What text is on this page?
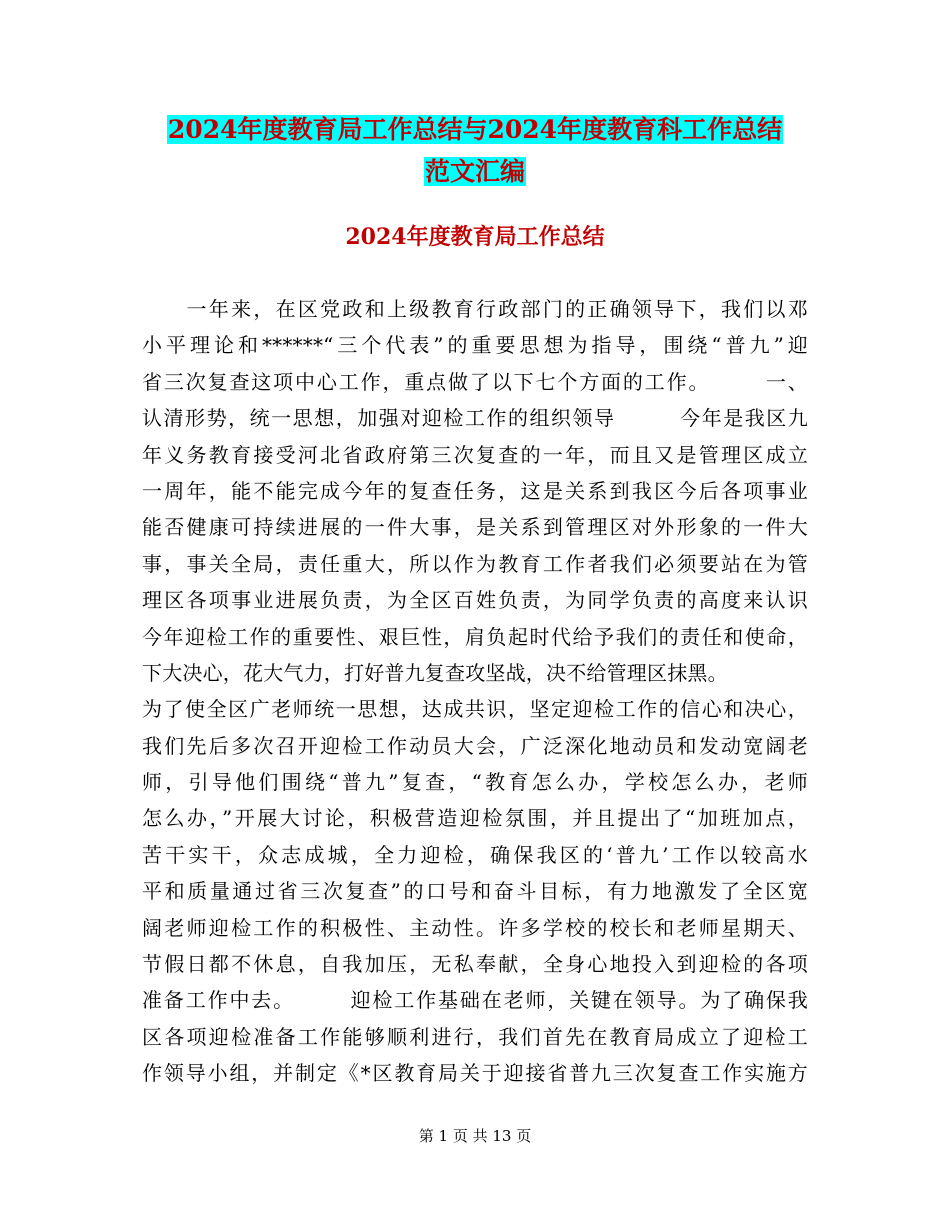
2024年度教育局工作总结与2024年度教育科工作总结
范文汇编
2024年度教育局工作总结
　　一年来，在区党政和上级教育行政部门的正确领导下，我们以邓
小平理论和******“三个代表”的重要思想为指导，围绕“普九”迎
省三次复查这项中心工作，重点做了以下七个方面的工作。　　　一、
认清形势，统一思想，加强对迎检工作的组织领导　　　今年是我区九
年义务教育接受河北省政府第三次复查的一年，而且又是管理区成立
一周年，能不能完成今年的复查任务，这是关系到我区今后各项事业
能否健康可持续进展的一件大事，是关系到管理区对外形象的一件大
事，事关全局，责任重大，所以作为教育工作者我们必须要站在为管
理区各项事业进展负责，为全区百姓负责，为同学负责的高度来认识
今年迎检工作的重要性、艰巨性，肩负起时代给予我们的责任和使命，
下大决心，花大气力，打好普九复查攻坚战，决不给管理区抹黑。
为了使全区广老师统一思想，达成共识，坚定迎检工作的信心和决心，
我们先后多次召开迎检工作动员大会，广泛深化地动员和发动宽阔老
师，引导他们围绕“普九”复查，“教育怎么办，学校怎么办，老师
怎么办，”开展大讨论，积极营造迎检氛围，并且提出了“加班加点，
苦干实干，众志成城，全力迎检，确保我区的‘普九’工作以较高水
平和质量通过省三次复查”的口号和奋斗目标，有力地激发了全区宽
阔老师迎检工作的积极性、主动性。许多学校的校长和老师星期天、
节假日都不休息，自我加压，无私奉献，全身心地投入到迎检的各项
准备工作中去。　　　迎检工作基础在老师，关键在领导。为了确保我
区各项迎检准备工作能够顺利进行，我们首先在教育局成立了迎检工
作领导小组，并制定《*区教育局关于迎接省普九三次复查工作实施方
第 1 页 共 13 页
